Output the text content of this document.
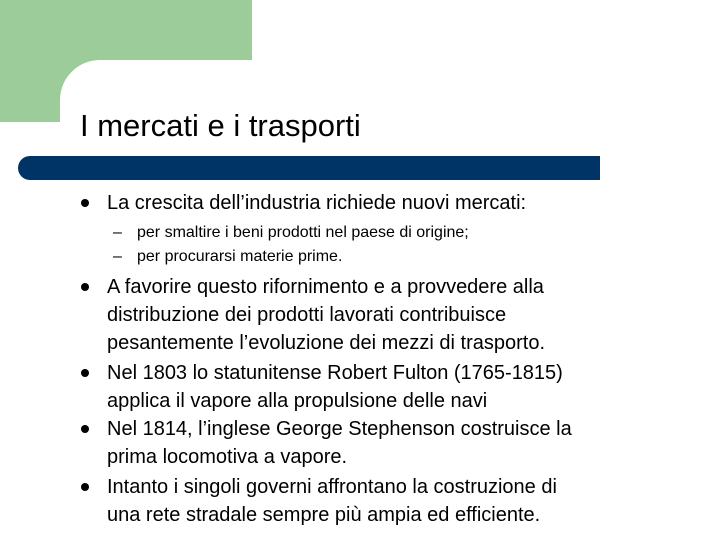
I mercati e i trasporti
La crescita dell’industria richiede nuovi mercati:
– per smaltire i beni prodotti nel paese di origine;
– per procurarsi materie prime.
A favorire questo rifornimento e a provvedere alla
distribuzione dei prodotti lavorati contribuisce
pesantemente l’evoluzione dei mezzi di trasporto.
Nel 1803 lo statunitense Robert Fulton (1765-1815)
applica il vapore alla propulsione delle navi
Nel 1814, l’inglese George Stephenson costruisce la
prima locomotiva a vapore.
Intanto i singoli governi affrontano la costruzione di
una rete stradale sempre più ampia ed efficiente.
